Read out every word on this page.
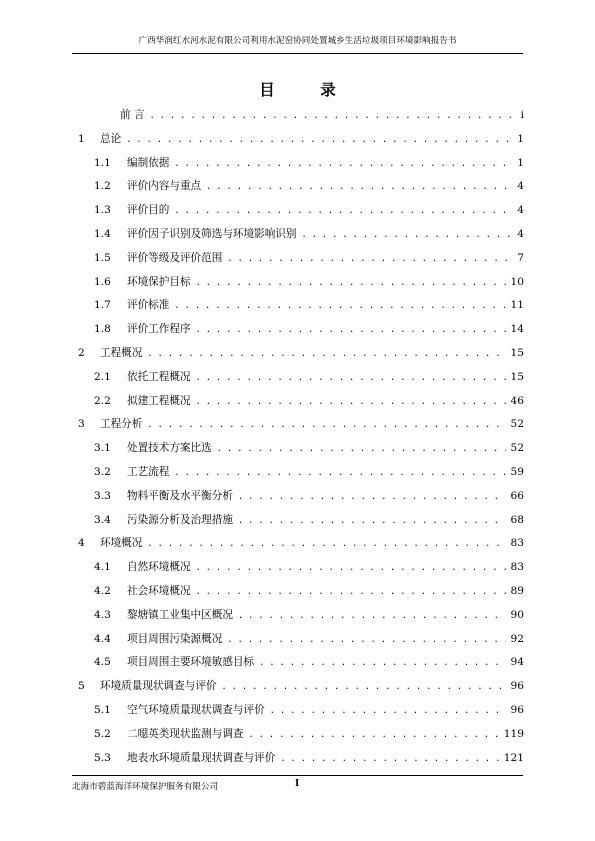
广西华润红水河水泥有限公司利用水泥窑协同处置城乡生活垃圾项目环境影响报告书
目 录
前 言 . . .	i
1	总论 . . .	1
1.1	编制依据 . . .	1
1.2	评价内容与重点 . . .	4
1.3	评价目的 . . .	4
1.4	评价因子识别及筛选与环境影响识别 . . .	4
1.5	评价等级及评价范围 . . .	7
1.6	环境保护目标 . . .	10
1.7	评价标准 . . .	11
1.8	评价工作程序 . . .	14
2	工程概况 . . .	15
2.1	依托工程概况 . . .	15
2.2	拟建工程概况 . . .	46
3	工程分析 . . .	52
3.1	处置技术方案比选 . . .	52
3.2	工艺流程 . . .	59
3.3	物料平衡及水平衡分析 . . .	66
3.4	污染源分析及治理措施 . . .	68
4	环境概况 . . .	83
4.1	自然环境概况 . . .	83
4.2	社会环境概况 . . .	89
4.3	黎塘镇工业集中区概况 . . .	90
4.4	项目周围污染源概况 . . .	92
4.5	项目周围主要环境敏感目标 . . .	94
5	环境质量现状调查与评价 . . .	96
5.1	空气环境质量现状调查与评价 . . .	96
5.2	二噁英类现状监测与调查 . . .	119
5.3	地表水环境质量现状调查与评价 . . .	121
北海市碧蓝海洋环境保护服务有限公司	I
